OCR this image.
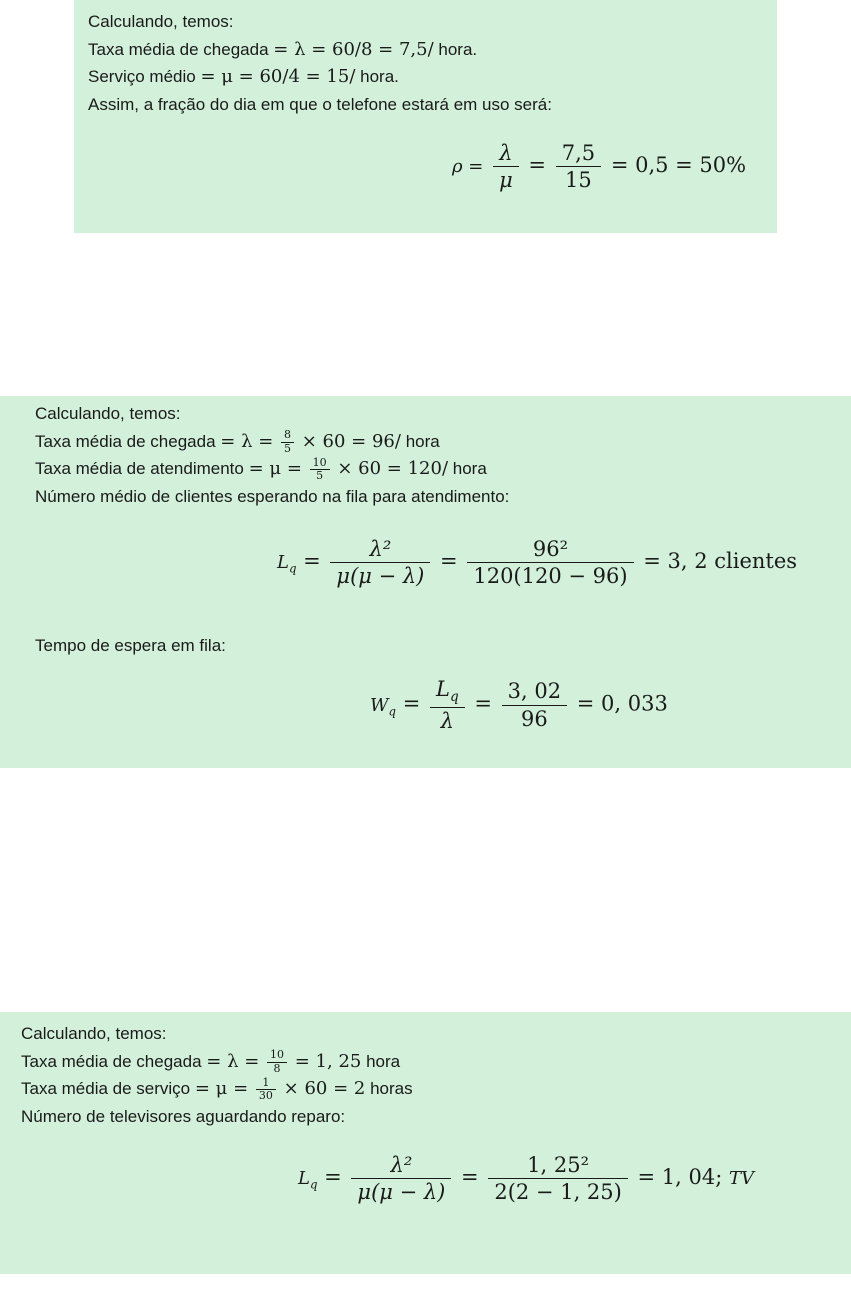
Calculando, temos:
Taxa média de chegada = λ = 60/8 = 7,5/ hora.
Serviço médio = μ = 60/4 = 15/ hora.
Assim, a fração do dia em que o telefone estará em uso será:
$\rho = \frac{\lambda}{\mu} = \frac{7,5}{15} = 0,5 = 50\%$
Calculando, temos:
Taxa média de chegada = $\lambda = \frac{8}{5} \times 60 = 96/$ hora
Taxa média de atendimento = $\mu = \frac{10}{5} \times 60 = 120/$ hora
Número médio de clientes esperando na fila para atendimento:
$L_q = \frac{\text{λ²}}{\mu(\mu - \lambda)} = \frac{\text{96²}}{120(120 - 96)} = 3$, 2 clientes
Tempo de espera em fila:
$W_q = \frac{L_q}{\lambda} = \frac{3, 02}{96} = 0$, 033
Calculando, temos:
Taxa média de chegada = $\lambda = \frac{10}{8} = 1$, 25 hora
Taxa média de serviço = $\mu = \frac{1}{30} \times 60 = 2$ horas
Número de televisores aguardando reparo:
$L_q = \frac{\text{λ²}}{\mu(\mu - \lambda)} = \frac{\text{1, 25²}}{2(2 - 1, 25)} = 1$, 04; TV
